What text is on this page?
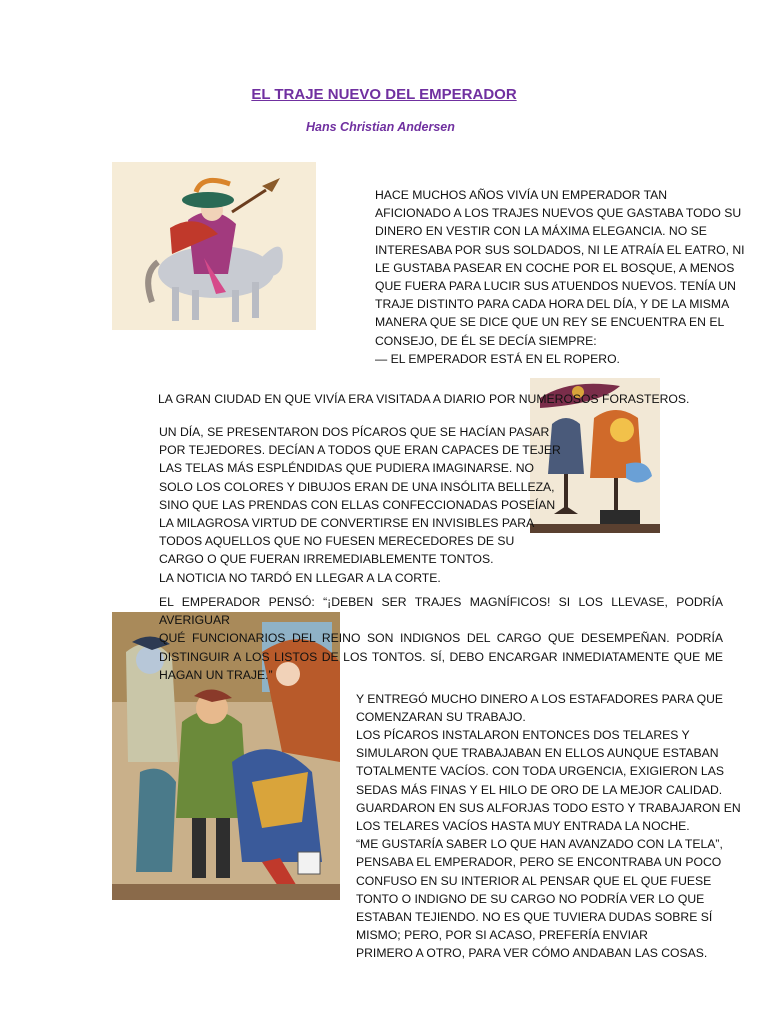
EL TRAJE NUEVO DEL EMPERADOR
Hans Christian Andersen
HACE MUCHOS AÑOS VIVÍA UN EMPERADOR TAN
AFICIONADO A LOS TRAJES NUEVOS QUE GASTABA TODO SU
DINERO EN VESTIR CON LA MÁXIMA ELEGANCIA. NO SE
INTERESABA POR SUS SOLDADOS, NI LE ATRAÍA EL EATRO, NI
LE GUSTABA PASEAR EN COCHE POR EL BOSQUE, A MENOS
QUE FUERA PARA LUCIR SUS ATUENDOS NUEVOS. TENÍA UN
TRAJE DISTINTO PARA CADA HORA DEL DÍA, Y DE LA MISMA
MANERA QUE SE DICE QUE UN REY SE ENCUENTRA EN EL
CONSEJO, DE ÉL SE DECÍA SIEMPRE:
— EL EMPERADOR ESTÁ EN EL ROPERO.
LA GRAN CIUDAD EN QUE VIVÍA ERA VISITADA A DIARIO POR NUMEROSOS FORASTEROS.
UN DÍA, SE PRESENTARON DOS PÍCAROS QUE SE HACÍAN PASAR
POR TEJEDORES. DECÍAN A TODOS QUE ERAN CAPACES DE TEJER
LAS TELAS MÁS ESPLÉNDIDAS QUE PUDIERA IMAGINARSE. NO
SOLO LOS COLORES Y DIBUJOS ERAN DE UNA INSÓLITA BELLEZA,
SINO QUE LAS PRENDAS CON ELLAS CONFECCIONADAS POSEÍAN
LA MILAGROSA VIRTUD DE CONVERTIRSE EN INVISIBLES PARA
TODOS AQUELLOS QUE NO FUESEN MERECEDORES DE SU
CARGO O QUE FUERAN IRREMEDIABLEMENTE TONTOS.
LA NOTICIA NO TARDÓ EN LLEGAR A LA CORTE.
EL EMPERADOR PENSÓ: “¡DEBEN SER TRAJES MAGNÍFICOS! SI LOS LLEVASE, PODRÍA AVERIGUAR
QUÉ FUNCIONARIOS DEL REINO SON INDIGNOS DEL CARGO QUE DESEMPEÑAN. PODRÍA
DISTINGUIR A LOS LISTOS DE LOS TONTOS. SÍ, DEBO ENCARGAR INMEDIATAMENTE QUE ME
HAGAN UN TRAJE.”
Y ENTREGÓ MUCHO DINERO A LOS ESTAFADORES PARA QUE
COMENZARAN SU TRABAJO.
LOS PÍCAROS INSTALARON ENTONCES DOS TELARES Y
SIMULARON QUE TRABAJABAN EN ELLOS AUNQUE ESTABAN
TOTALMENTE VACÍOS. CON TODA URGENCIA, EXIGIERON LAS
SEDAS MÁS FINAS Y EL HILO DE ORO DE LA MEJOR CALIDAD.
GUARDARON EN SUS ALFORJAS TODO ESTO Y TRABAJARON EN
LOS TELARES VACÍOS HASTA MUY ENTRADA LA NOCHE.
“ME GUSTARÍA SABER LO QUE HAN AVANZADO CON LA TELA”,
PENSABA EL EMPERADOR, PERO SE ENCONTRABA UN POCO
CONFUSO EN SU INTERIOR AL PENSAR QUE EL QUE FUESE
TONTO O INDIGNO DE SU CARGO NO PODRÍA VER LO QUE
ESTABAN TEJIENDO. NO ES QUE TUVIERA DUDAS SOBRE SÍ
MISMO; PERO, POR SI ACASO, PREFERÍA ENVIAR
PRIMERO A OTRO, PARA VER CÓMO ANDABAN LAS COSAS.
